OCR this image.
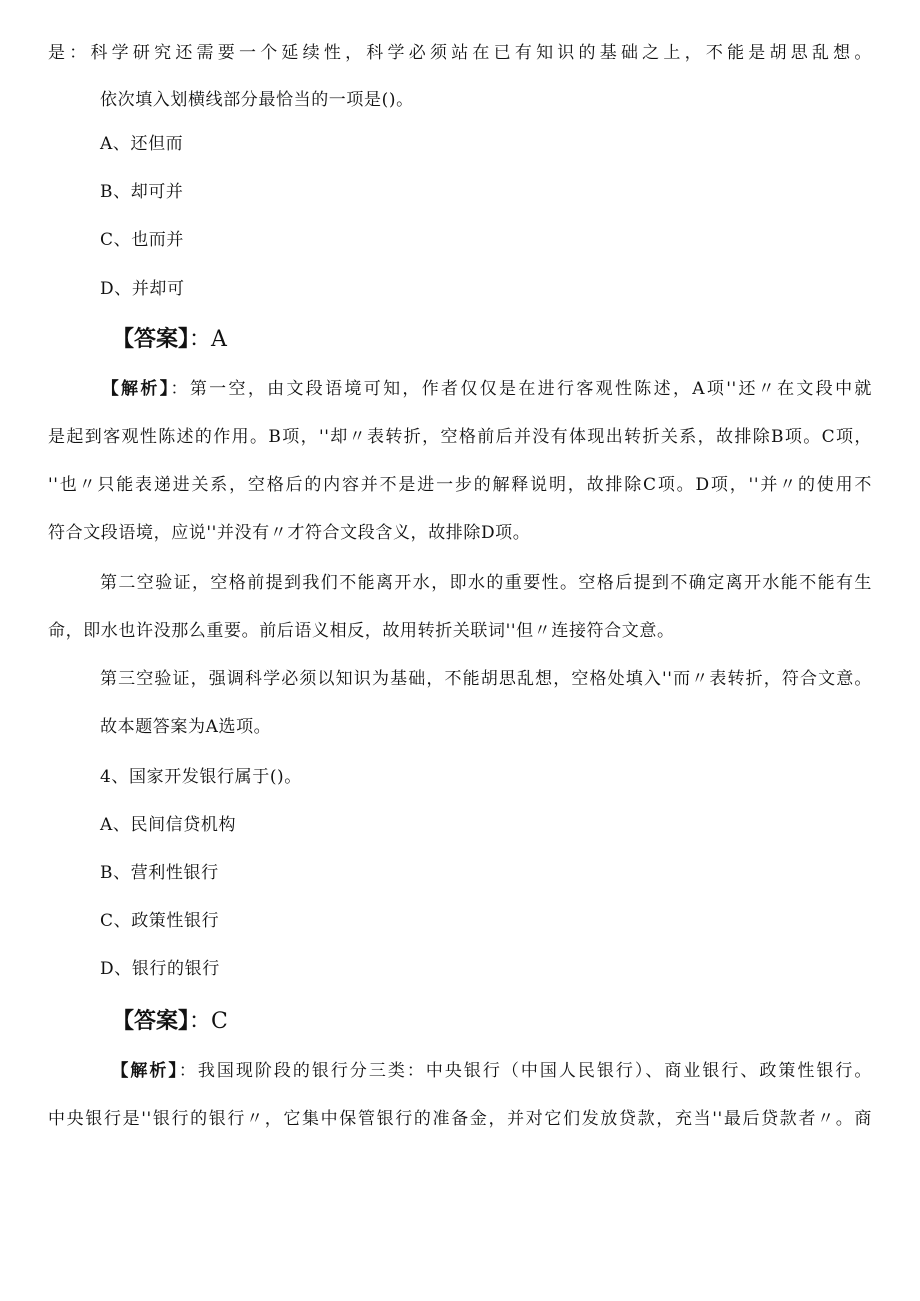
是：科学研究还需要一个延续性，科学必须站在已有知识的基础之上，不能是胡思乱想。
依次填入划横线部分最恰当的一项是()。
A、还但而
B、却可并
C、也而并
D、并却可
【答案】：A
【解析】：第一空，由文段语境可知，作者仅仅是在进行客观性陈述，A项''还〃在文段中就
是起到客观性陈述的作用。B项，''却〃表转折，空格前后并没有体现出转折关系，故排除B项。C项，
''也〃只能表递进关系，空格后的内容并不是进一步的解释说明，故排除C项。D项，''并〃的使用不
符合文段语境，应说''并没有〃才符合文段含义，故排除D项。
第二空验证，空格前提到我们不能离开水，即水的重要性。空格后提到不确定离开水能不能有生
命，即水也许没那么重要。前后语义相反，故用转折关联词''但〃连接符合文意。
第三空验证，强调科学必须以知识为基础，不能胡思乱想，空格处填入''而〃表转折，符合文意。
故本题答案为A选项。
4、国家开发银行属于()。
A、民间信贷机构
B、营利性银行
C、政策性银行
D、银行的银行
【答案】：C
【解析】：我国现阶段的银行分三类：中央银行（中国人民银行）、商业银行、政策性银行。
中央银行是''银行的银行〃，它集中保管银行的准备金，并对它们发放贷款，充当''最后贷款者〃。商
